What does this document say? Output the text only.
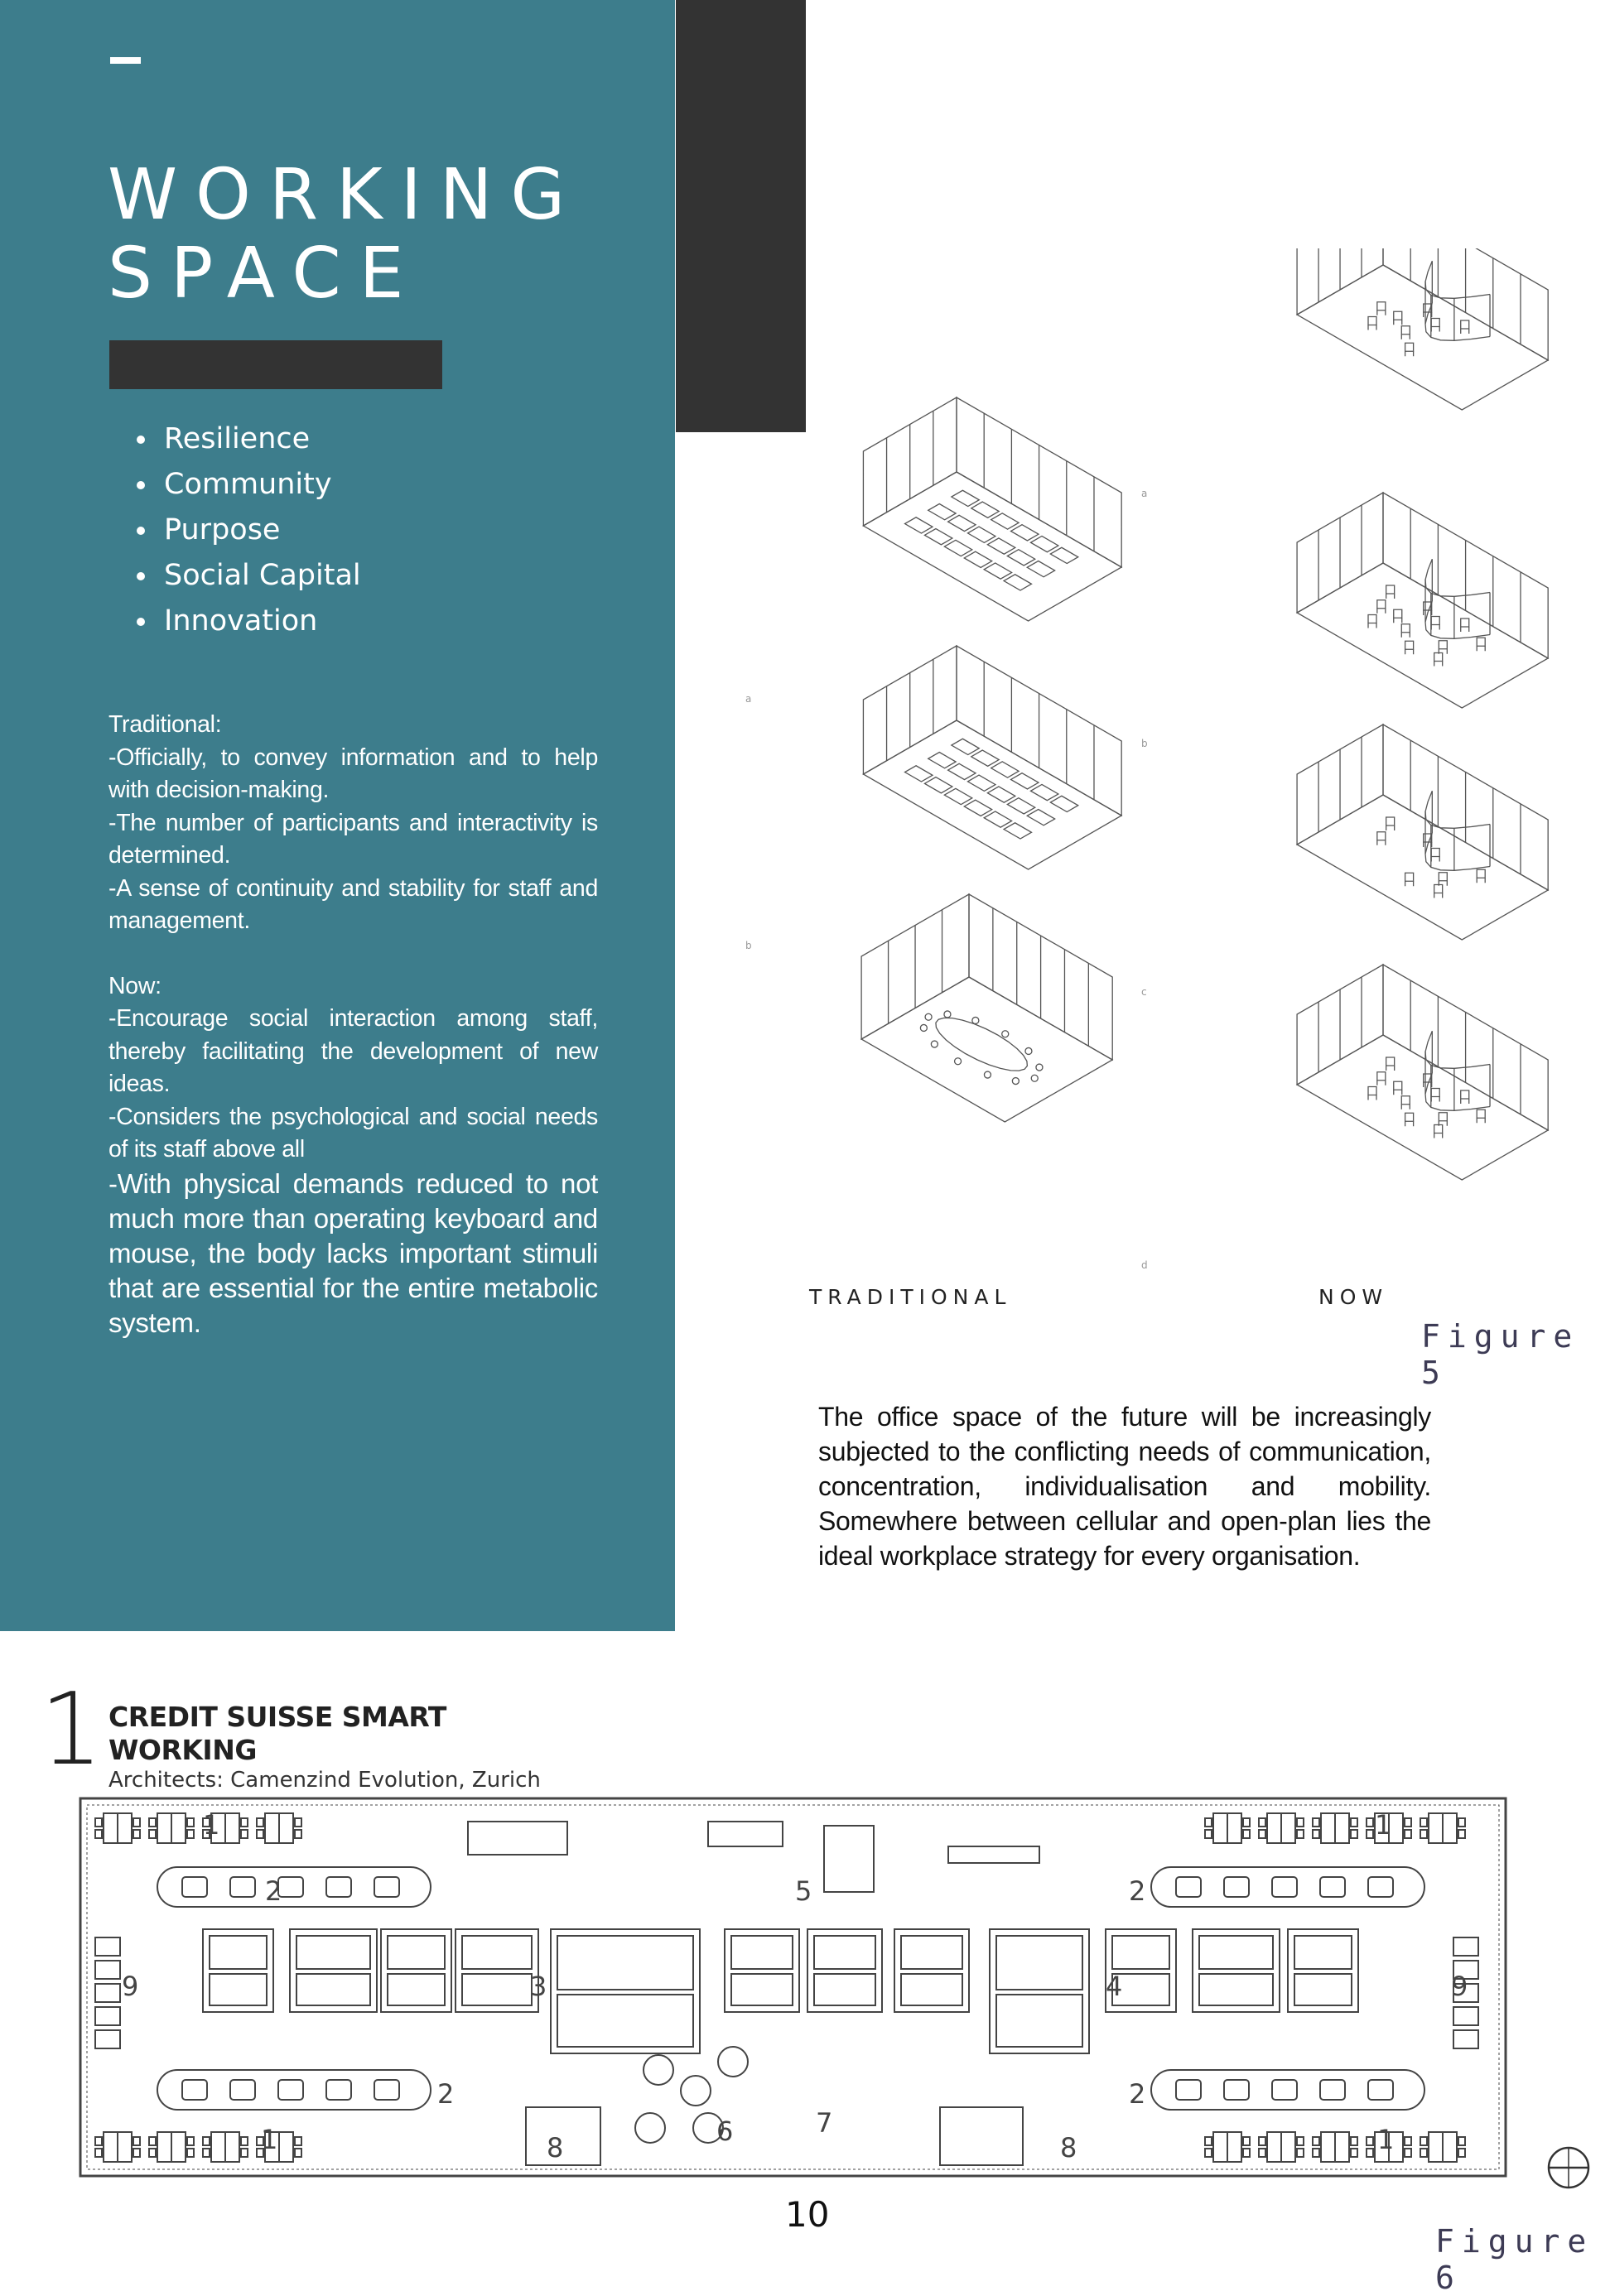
WORKING
SPACE
• Resilience
• Community
• Purpose
• Social Capital
• Innovation

Traditional:

-Officially, to convey information and to help with decision-making.

-The number of participants and interactivity is determined.

-A sense of continuity and stability for staff and management.

Now:

-Encourage social interaction among staff, thereby facilitating the development of new ideas.

-Considers the psychological and social needs of its staff above all

-With physical demands reduced to not much more than operating keyboard and mouse, the body lacks important stimuli that are essential for the entire metabolic system.

a
b
a
b
c
d
TRADITIONAL	NOW
Figure 5
The office space of the future will be increasingly subjected to the conflicting needs of communication, concentration, individualisation and mobility. Somewhere between cellular and open-plan lies the ideal workplace strategy for every organisation.
1 CREDIT SUISSE SMART WORKING
Architects: Camenzind Evolution, Zurich
1
2	5	2
1
9	3	4	9
2
6	7
2
1	8	8	1
10
Figure 6
